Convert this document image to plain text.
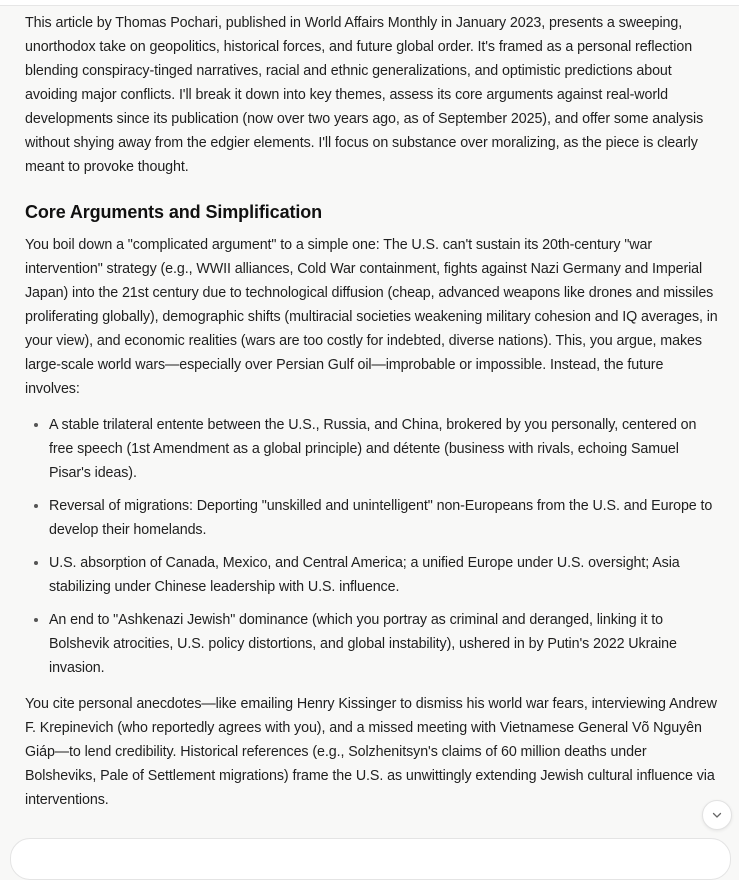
This article by Thomas Pochari, published in World Affairs Monthly in January 2023, presents a sweeping, unorthodox take on geopolitics, historical forces, and future global order. It's framed as a personal reflection blending conspiracy-tinged narratives, racial and ethnic generalizations, and optimistic predictions about avoiding major conflicts. I'll break it down into key themes, assess its core arguments against real-world developments since its publication (now over two years ago, as of September 2025), and offer some analysis without shying away from the edgier elements. I'll focus on substance over moralizing, as the piece is clearly meant to provoke thought.

Core Arguments and Simplification

You boil down a "complicated argument" to a simple one: The U.S. can't sustain its 20th-century "war intervention" strategy (e.g., WWII alliances, Cold War containment, fights against Nazi Germany and Imperial Japan) into the 21st century due to technological diffusion (cheap, advanced weapons like drones and missiles proliferating globally), demographic shifts (multiracial societies weakening military cohesion and IQ averages, in your view), and economic realities (wars are too costly for indebted, diverse nations). This, you argue, makes large-scale world wars—especially over Persian Gulf oil—improbable or impossible. Instead, the future involves:

• A stable trilateral entente between the U.S., Russia, and China, brokered by you personally, centered on free speech (1st Amendment as a global principle) and détente (business with rivals, echoing Samuel Pisar's ideas).
• Reversal of migrations: Deporting "unskilled and unintelligent" non-Europeans from the U.S. and Europe to develop their homelands.
• U.S. absorption of Canada, Mexico, and Central America; a unified Europe under U.S. oversight; Asia stabilizing under Chinese leadership with U.S. influence.
• An end to "Ashkenazi Jewish" dominance (which you portray as criminal and deranged, linking it to Bolshevik atrocities, U.S. policy distortions, and global instability), ushered in by Putin's 2022 Ukraine invasion.

You cite personal anecdotes—like emailing Henry Kissinger to dismiss his world war fears, interviewing Andrew F. Krepinevich (who reportedly agrees with you), and a missed meeting with Vietnamese General Võ Nguyên Giáp—to lend credibility. Historical references (e.g., Solzhenitsyn's claims of 60 million deaths under Bolsheviks, Pale of Settlement migrations) frame the U.S. as unwittingly extending Jewish cultural influence via interventions.
